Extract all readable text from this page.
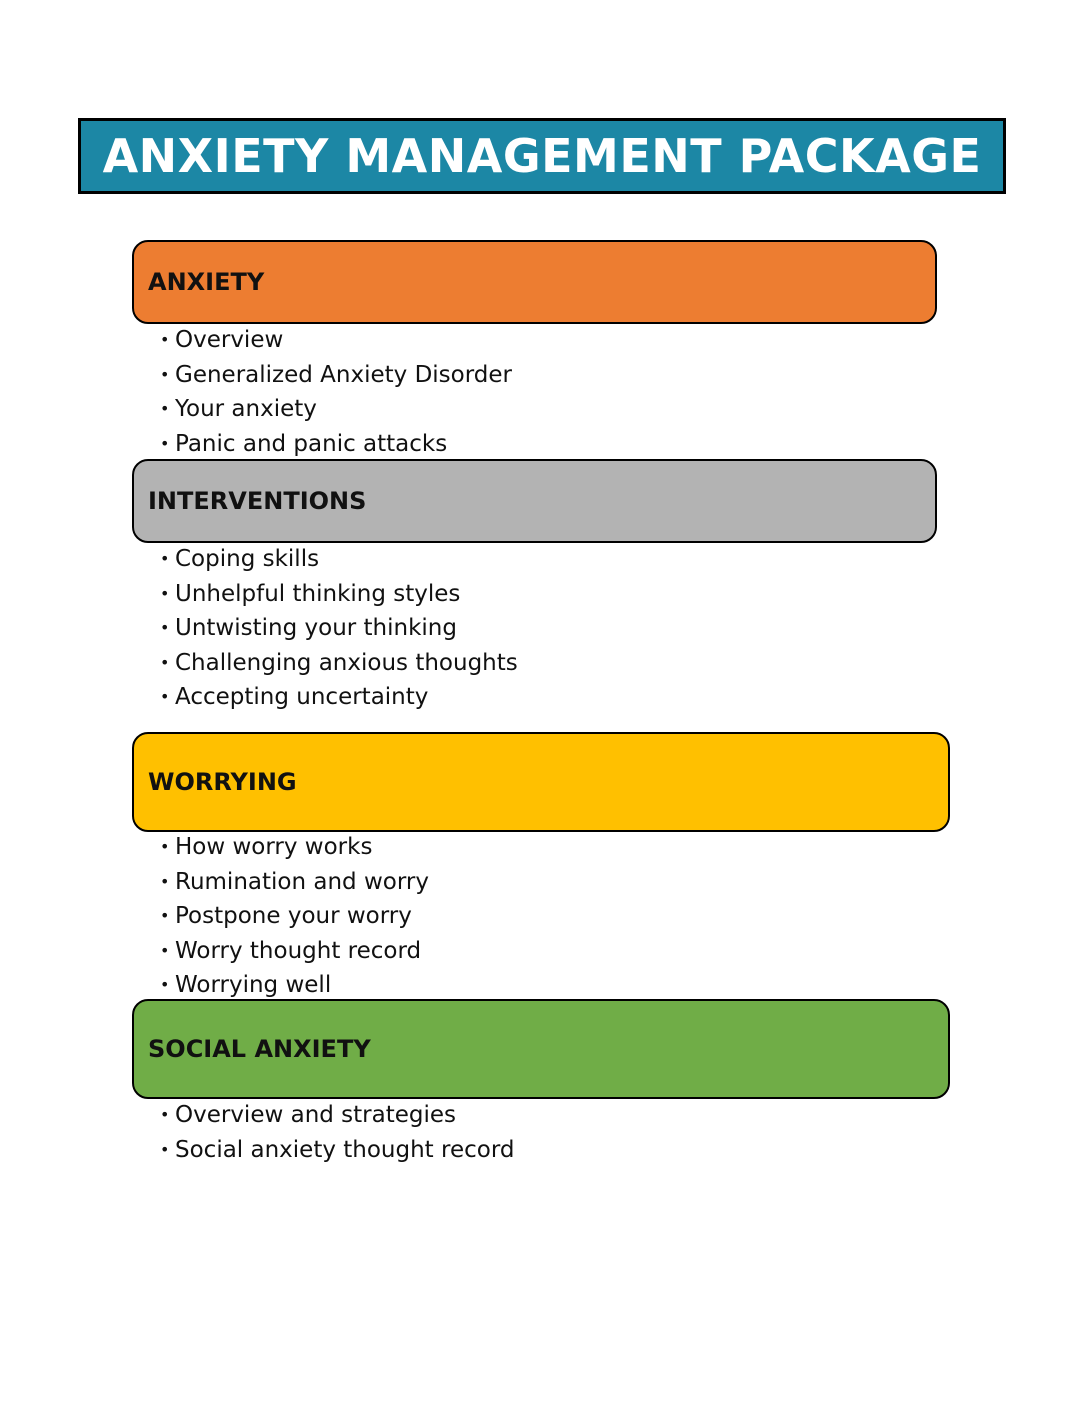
ANXIETY MANAGEMENT PACKAGE
ANXIETY
• Overview
• Generalized Anxiety Disorder
• Your anxiety
• Panic and panic attacks
INTERVENTIONS
• Coping skills
• Unhelpful thinking styles
• Untwisting your thinking
• Challenging anxious thoughts
• Accepting uncertainty
WORRYING
• How worry works
• Rumination and worry
• Postpone your worry
• Worry thought record
• Worrying well
SOCIAL ANXIETY
• Overview and strategies
• Social anxiety thought record
